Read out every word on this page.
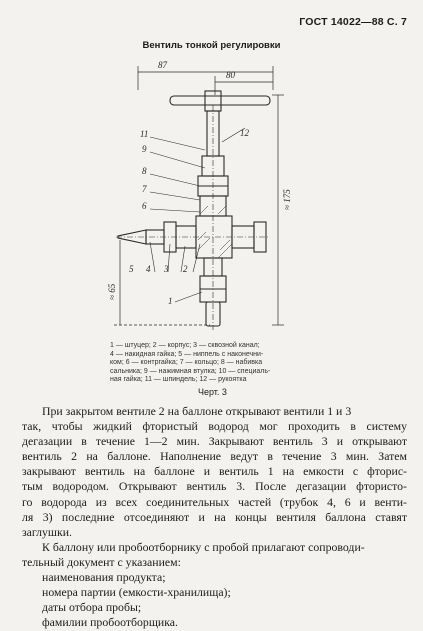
ГОСТ 14022—88 С. 7
Вентиль тонкой регулировки
87
80
≈ 175
≈ 65
11
9
8
7
6
12
5 4 3 2
1
1 — штуцер; 2 — корпус; 3 — сквозной канал;
4 — накидная гайка; 5 — ниппель с наконечни-
ком; 6 — контргайка; 7 — кольцо; 8 — набивка
сальника; 9 — нажимная втулка; 10 — специаль-
ная гайка; 11 — шпиндель; 12 — рукоятка
Черт. 3
При закрытом вентиле 2 на баллоне открывают вентили 1 и 3
так, чтобы жидкий фтористый водород мог проходить в систему
дегазации в течение 1—2 мин. Закрывают вентиль 3 и открывают
вентиль 2 на баллоне. Наполнение ведут в течение 3 мин. Затем
закрывают вентиль на баллоне и вентиль 1 на емкости с фторис-
тым водородом. Открывают вентиль 3. После дегазации фтористо-
го водорода из всех соединительных частей (трубок 4, 6 и венти-
ля 3) последние отсоединяют и на концы вентиля баллона ставят
заглушки.
К баллону или пробоотборнику с пробой прилагают сопроводи-
тельный документ с указанием:
наименования продукта;
номера партии (емкости-хранилища);
даты отбора пробы;
фамилии пробоотборщика.
